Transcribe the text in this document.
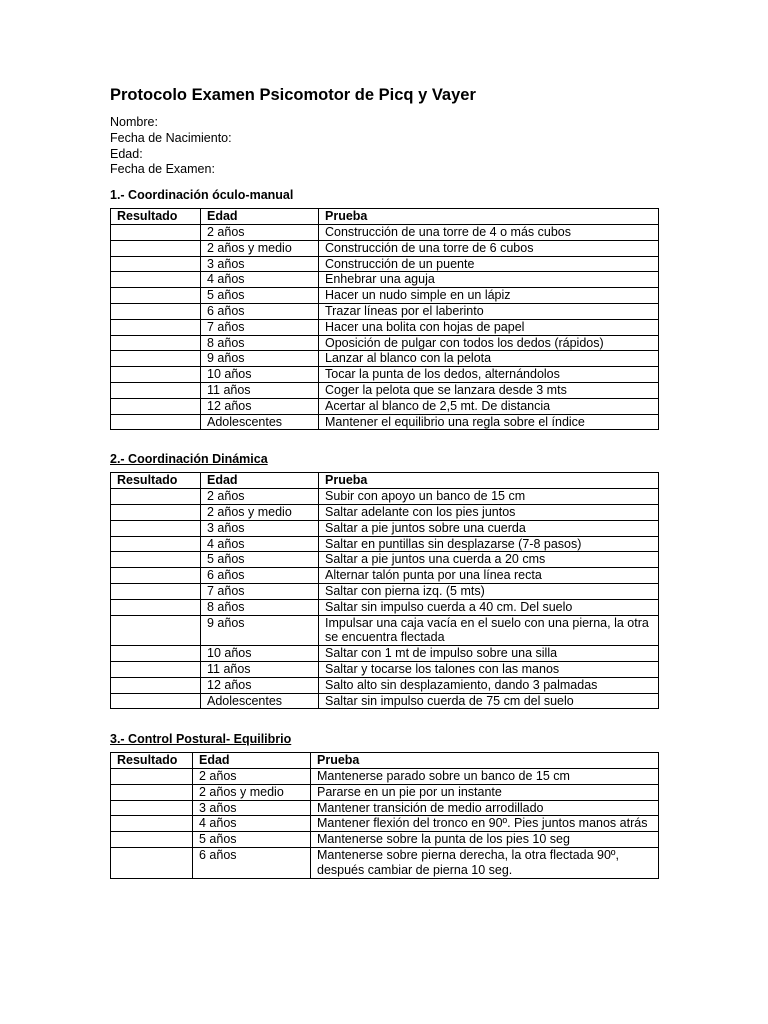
Protocolo Examen Psicomotor de Picq y Vayer
Nombre:
Fecha de Nacimiento:
Edad:
Fecha de Examen:
1.- Coordinación óculo-manual
Resultado	Edad	Prueba
	2 años	Construcción de una torre de 4 o más cubos
	2 años y medio	Construcción de una torre de 6 cubos
	3 años	Construcción de un puente
	4 años	Enhebrar una aguja
	5 años	Hacer un nudo simple en un lápiz
	6 años	Trazar líneas por el laberinto
	7 años	Hacer una bolita con hojas de papel
	8 años	Oposición de pulgar con todos los dedos (rápidos)
	9 años	Lanzar al blanco con la pelota
	10 años	Tocar la punta de los dedos, alternándolos
	11 años	Coger la pelota que se lanzara desde 3 mts
	12 años	Acertar al blanco de 2,5 mt. De distancia
	Adolescentes	Mantener el equilibrio una regla sobre el índice
2.- Coordinación Dinámica
Resultado	Edad	Prueba
	2 años	Subir con apoyo un banco de 15 cm
	2 años y medio	Saltar adelante con los pies juntos
	3 años	Saltar a pie juntos sobre una cuerda
	4 años	Saltar en puntillas sin desplazarse (7-8 pasos)
	5 años	Saltar a pie juntos una cuerda a 20 cms
	6 años	Alternar talón punta por una línea recta
	7 años	Saltar con pierna izq. (5 mts)
	8 años	Saltar sin impulso cuerda a 40 cm. Del suelo
	9 años	Impulsar una caja vacía en el suelo con una pierna, la otra se encuentra flectada
	10 años	Saltar con 1 mt de impulso sobre una silla
	11 años	Saltar y tocarse los talones con las manos
	12 años	Salto alto sin desplazamiento, dando 3 palmadas
	Adolescentes	Saltar sin impulso cuerda de 75 cm del suelo
3.- Control Postural- Equilibrio
Resultado	Edad	Prueba
	2 años	Mantenerse parado sobre un banco de 15 cm
	2 años y medio	Pararse en un pie por un instante
	3 años	Mantener transición de medio arrodillado
	4 años	Mantener flexión del tronco en 90º. Pies juntos manos atrás
	5 años	Mantenerse sobre la punta de los pies 10 seg
	6 años	Mantenerse sobre pierna derecha, la otra flectada 90º, después cambiar de pierna 10 seg.
